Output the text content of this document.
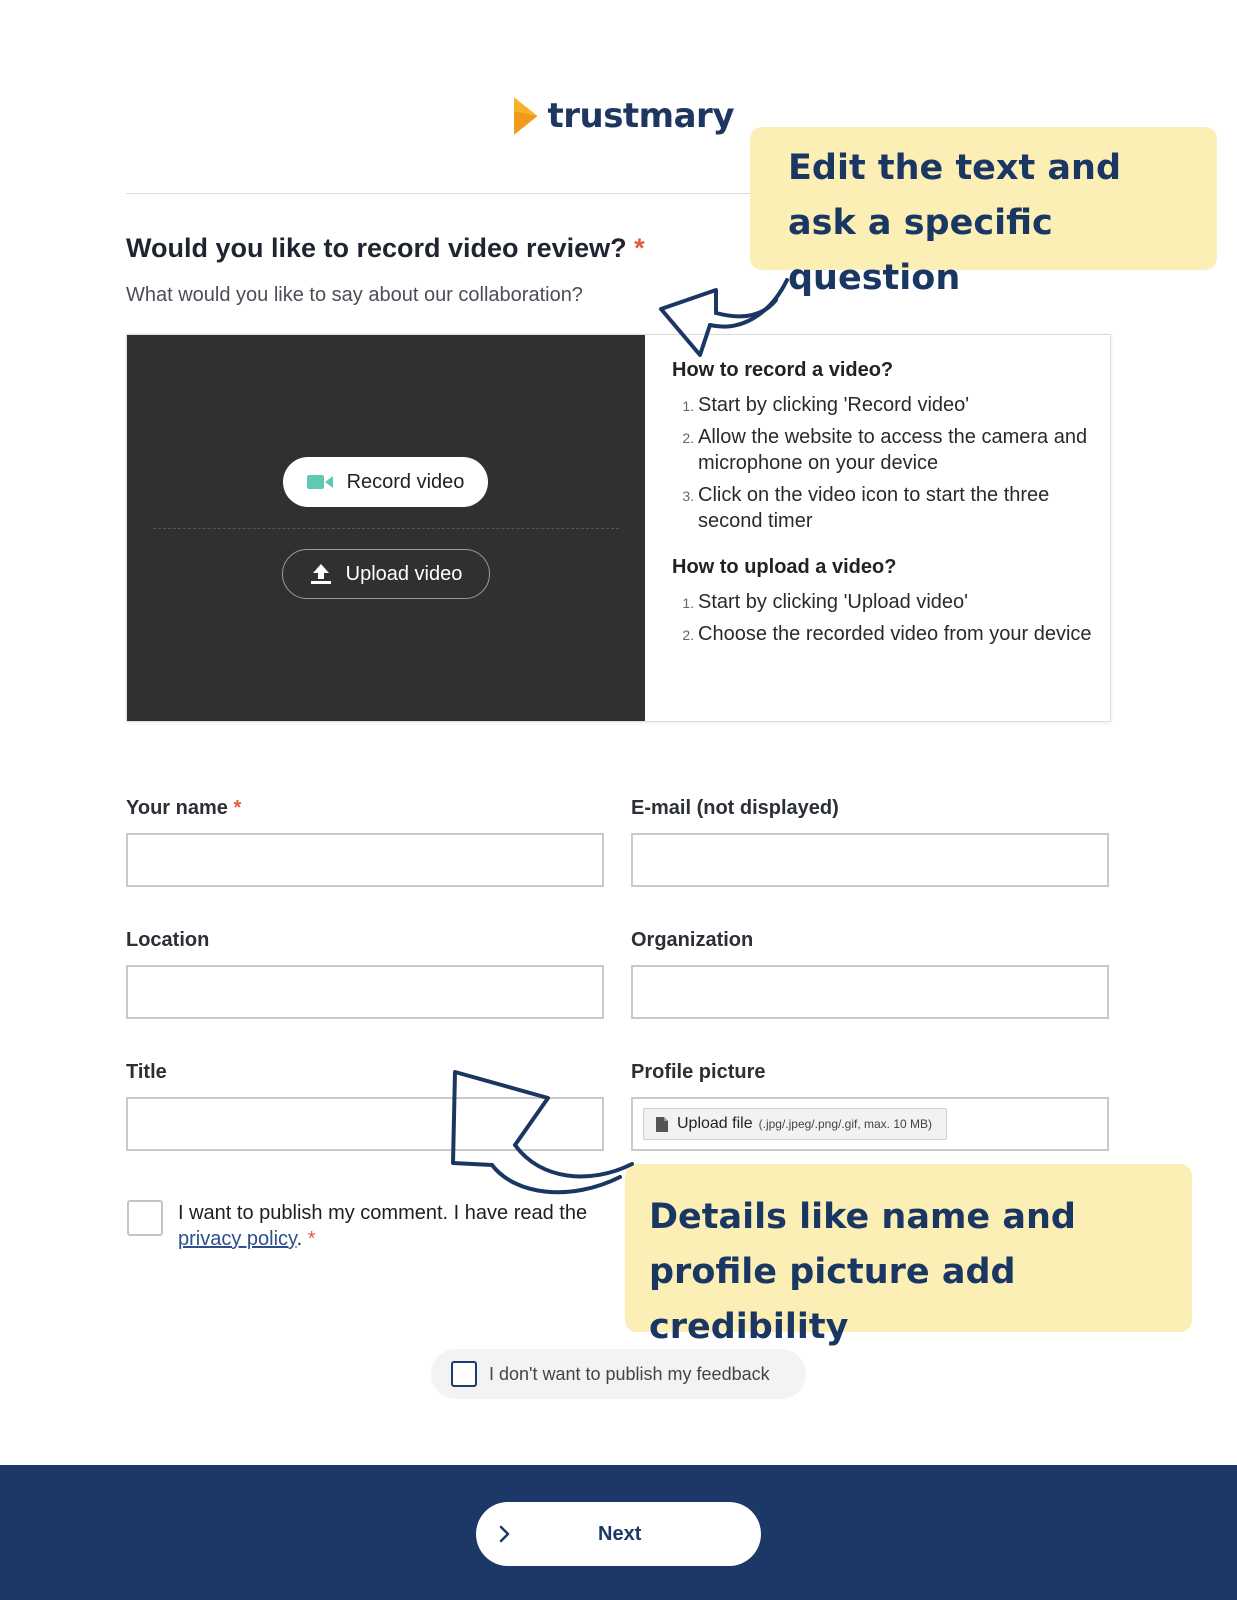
trustmary
Would you like to record video review? *
What would you like to say about our collaboration?
Record video
Upload video
How to record a video?
1. Start by clicking 'Record video'
2. Allow the website to access the camera and microphone on your device
3. Click on the video icon to start the three second timer
How to upload a video?
1. Start by clicking 'Upload video'
2. Choose the recorded video from your device
Your name *	E-mail (not displayed)
Location	Organization
Title	Profile picture
Upload file (.jpg/.jpeg/.png/.gif, max. 10 MB)
I want to publish my comment. I have read the privacy policy. *
I don't want to publish my feedback
Edit the text and ask a specific question
Details like name and profile picture add credibility
Next
